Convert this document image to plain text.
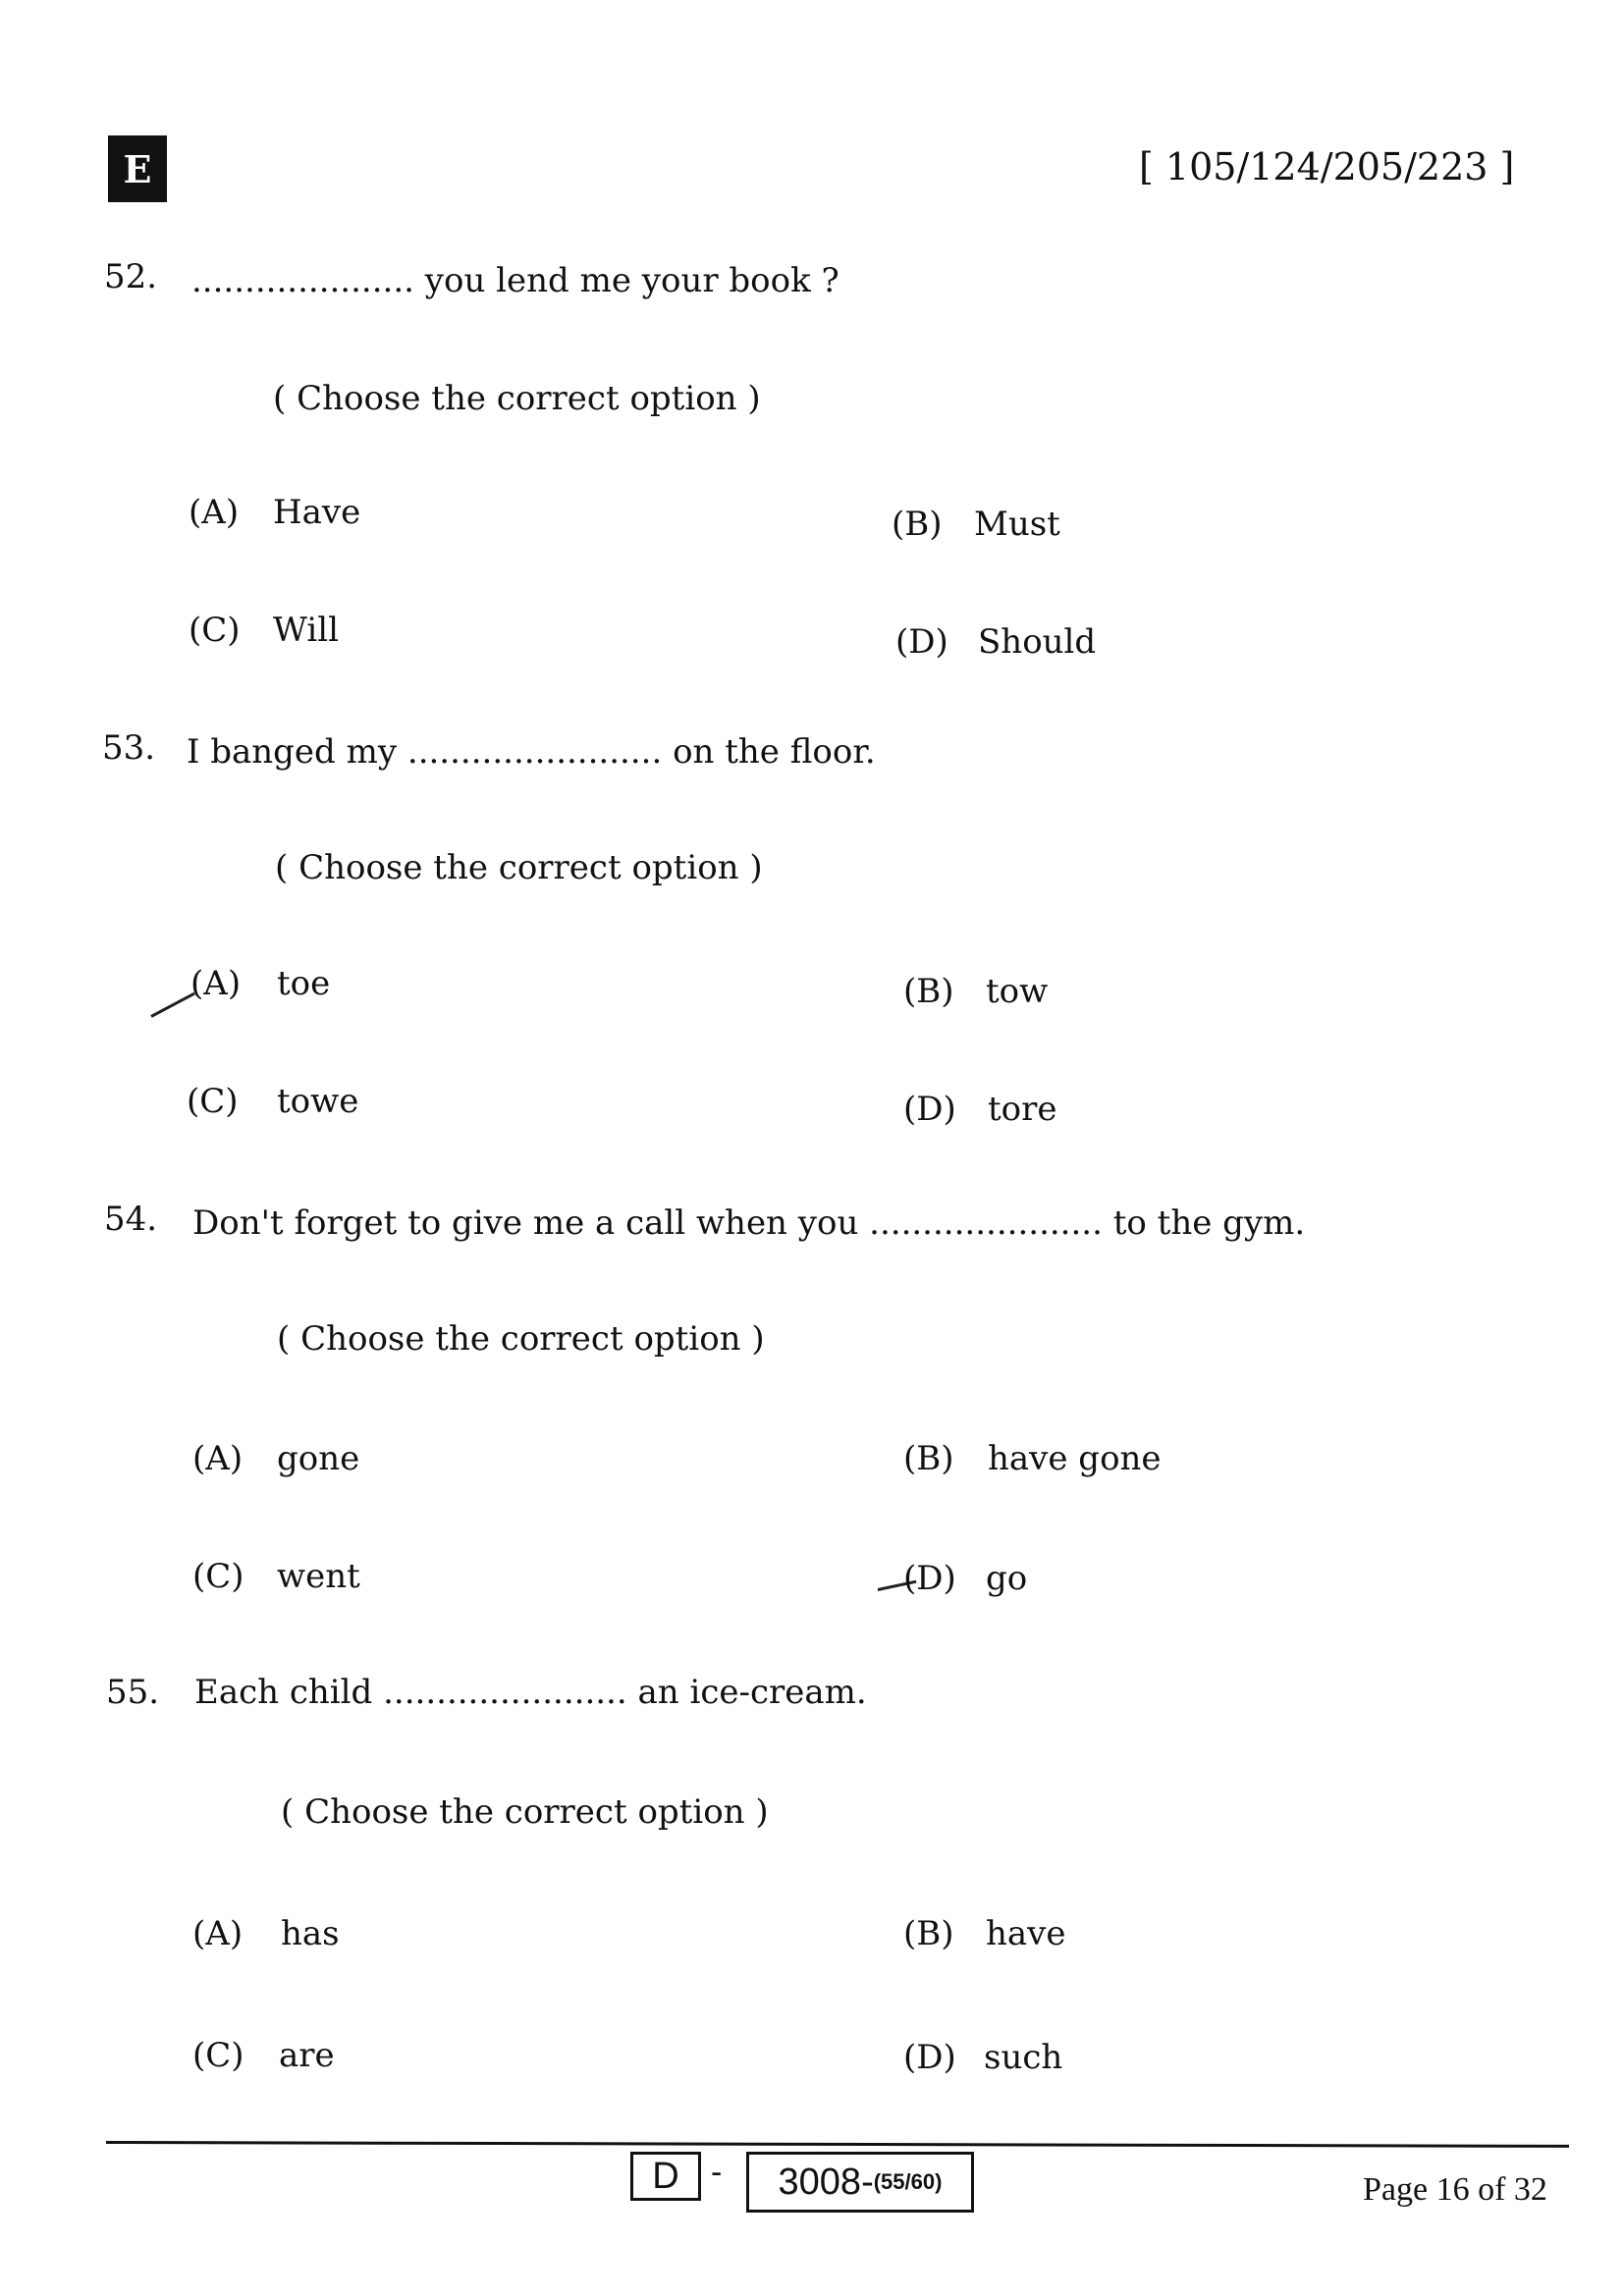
E	[ 105/124/205/223 ]
52. ..................... you lend me your book ?
( Choose the correct option )
(A) Have	(B) Must
(C) Will	(D) Should
53. I banged my ........................ on the floor.
( Choose the correct option )
(A) toe	(B) tow
(C) towe	(D) tore
54. Don't forget to give me a call when you ...................... to the gym.
( Choose the correct option )
(A) gone	(B) have gone
(C) went	(D) go
55. Each child ....................... an ice-cream.
( Choose the correct option )
(A) has	(B) have
(C) are	(D) such
D - 3008- (55/60)	Page 16 of 32
